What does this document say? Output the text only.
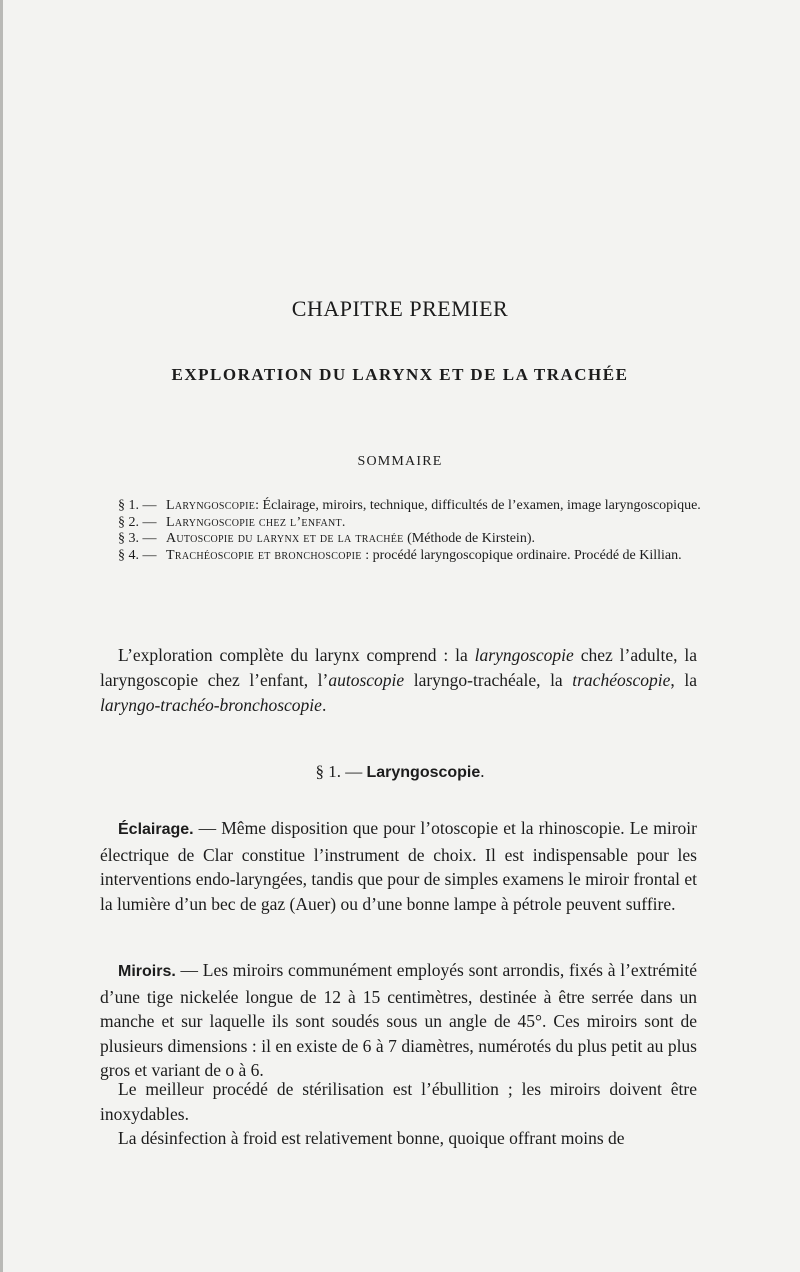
CHAPITRE PREMIER
EXPLORATION DU LARYNX ET DE LA TRACHÉE
SOMMAIRE
§ 1. — Laryngoscopie: Éclairage, miroirs, technique, difficultés de l’examen, image laryngoscopique.
§ 2. — Laryngoscopie chez l’enfant.
§ 3. — Autoscopie du larynx et de la trachée (Méthode de Kirstein).
§ 4. — Trachéoscopie et bronchoscopie : procédé laryngoscopique ordinaire. Procédé de Killian.

L’exploration complète du larynx comprend : la laryngoscopie chez l’adulte, la laryngoscopie chez l’enfant, l’autoscopie laryngo-trachéale, la trachéoscopie, la laryngo-trachéo-bronchoscopie.

§ 1. — Laryngoscopie.

Éclairage. — Même disposition que pour l’otoscopie et la rhinoscopie. Le miroir électrique de Clar constitue l’instrument de choix. Il est indispensable pour les interventions endo-laryngées, tandis que pour de simples examens le miroir frontal et la lumière d’un bec de gaz (Auer) ou d’une bonne lampe à pétrole peuvent suffire.

Miroirs. — Les miroirs communément employés sont arrondis, fixés à l’extrémité d’une tige nickelée longue de 12 à 15 centimètres, destinée à être serrée dans un manche et sur laquelle ils sont soudés sous un angle de 45°. Ces miroirs sont de plusieurs dimensions : il en existe de 6 à 7 diamètres, numérotés du plus petit au plus gros et variant de o à 6.

Le meilleur procédé de stérilisation est l’ébullition ; les miroirs doivent être inoxydables.

La désinfection à froid est relativement bonne, quoique offrant moins de
